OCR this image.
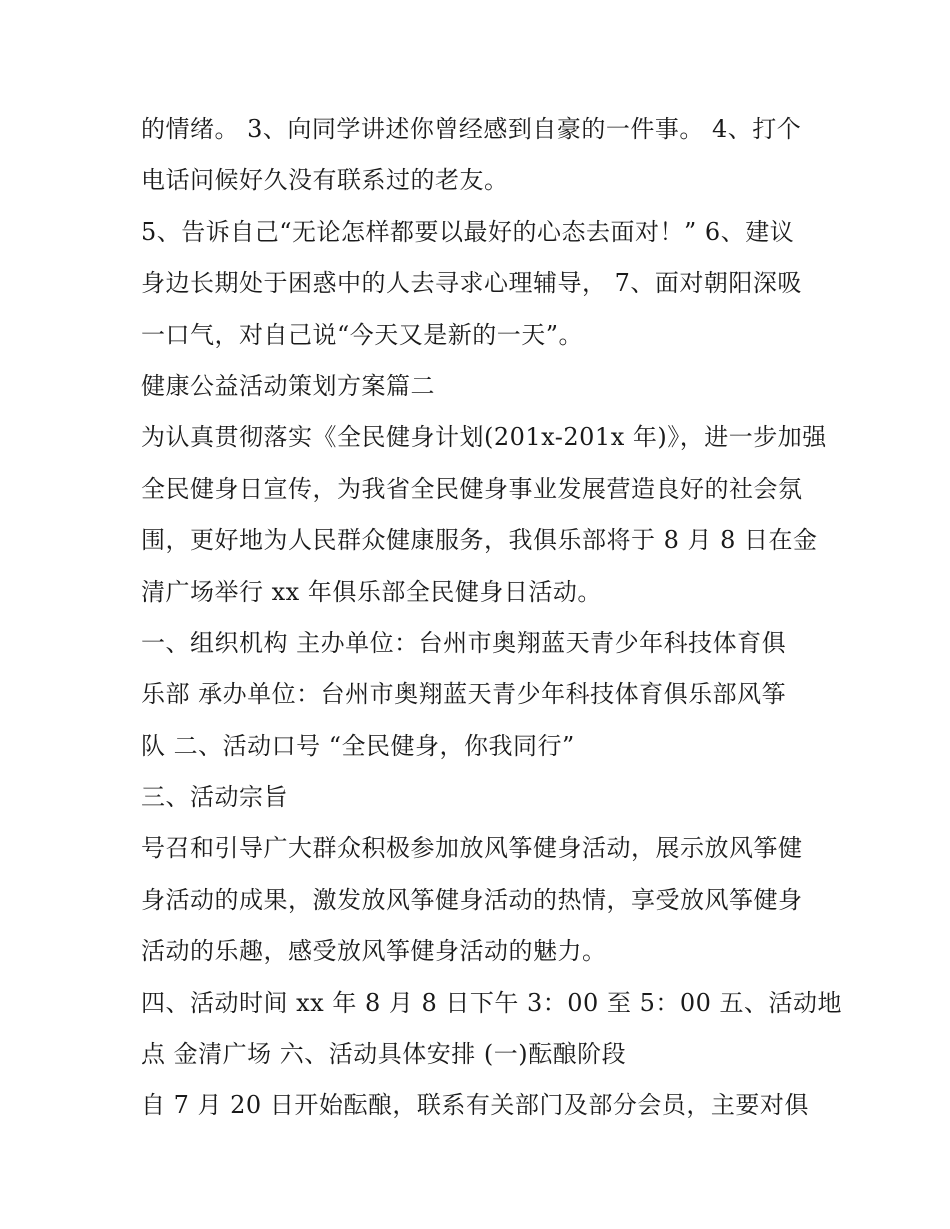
的情绪。 3、向同学讲述你曾经感到自豪的一件事。 4、打个
电话问候好久没有联系过的老友。
5、告诉自己“无论怎样都要以最好的心态去面对！” 6、建议
身边长期处于困惑中的人去寻求心理辅导， 7、面对朝阳深吸
一口气，对自己说“今天又是新的一天”。
健康公益活动策划方案篇二
为认真贯彻落实《全民健身计划(201x-201x 年)》，进一步加强
全民健身日宣传，为我省全民健身事业发展营造良好的社会氛
围，更好地为人民群众健康服务，我俱乐部将于 8 月 8 日在金
清广场举行 xx 年俱乐部全民健身日活动。
一、组织机构 主办单位：台州市奥翔蓝天青少年科技体育俱
乐部 承办单位：台州市奥翔蓝天青少年科技体育俱乐部风筝
队 二、活动口号 “全民健身，你我同行”
三、活动宗旨
号召和引导广大群众积极参加放风筝健身活动，展示放风筝健
身活动的成果，激发放风筝健身活动的热情，享受放风筝健身
活动的乐趣，感受放风筝健身活动的魅力。
四、活动时间 xx 年 8 月 8 日下午 3：00 至 5：00 五、活动地
点 金清广场 六、活动具体安排 (一)酝酿阶段
自 7 月 20 日开始酝酿，联系有关部门及部分会员，主要对俱
